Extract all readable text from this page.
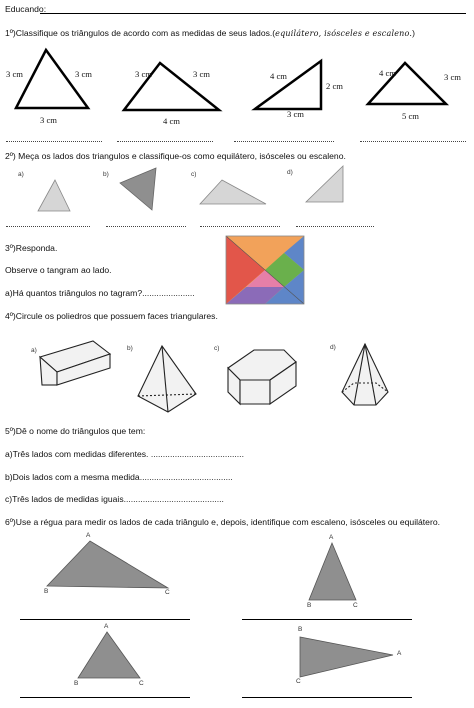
Educando:
1º)Classifique os triângulos de acordo com as medidas de seus lados.(equilátero, isósceles e escaleno.)
3 cm	3 cm
3 cm
3 cm	3 cm
4 cm
4 cm
2 cm
3 cm
4 cm	3 cm
5 cm
2º) Meça os lados dos triangulos e classifique-os como equilátero, isósceles ou escaleno.
a)	b)	c)	d)
3º)Responda.
Observe o tangram ao lado.
a)Há quantos triângulos no tagram?......................
4º)Circule os poliedros que possuem faces triangulares.
a)	b)	c)	d)
5º)Dê o nome do triângulos que tem:
a)Três lados com medidas diferentes. .......................................
b)Dois lados com a mesma medida.......................................
c)Três lados de medidas iguais..........................................
6º)Use a régua para medir os lados de cada triângulo e, depois, identifique com escaleno, isósceles ou equilátero.
A
B	C
A
B	C
A
B	C
B
C
A
